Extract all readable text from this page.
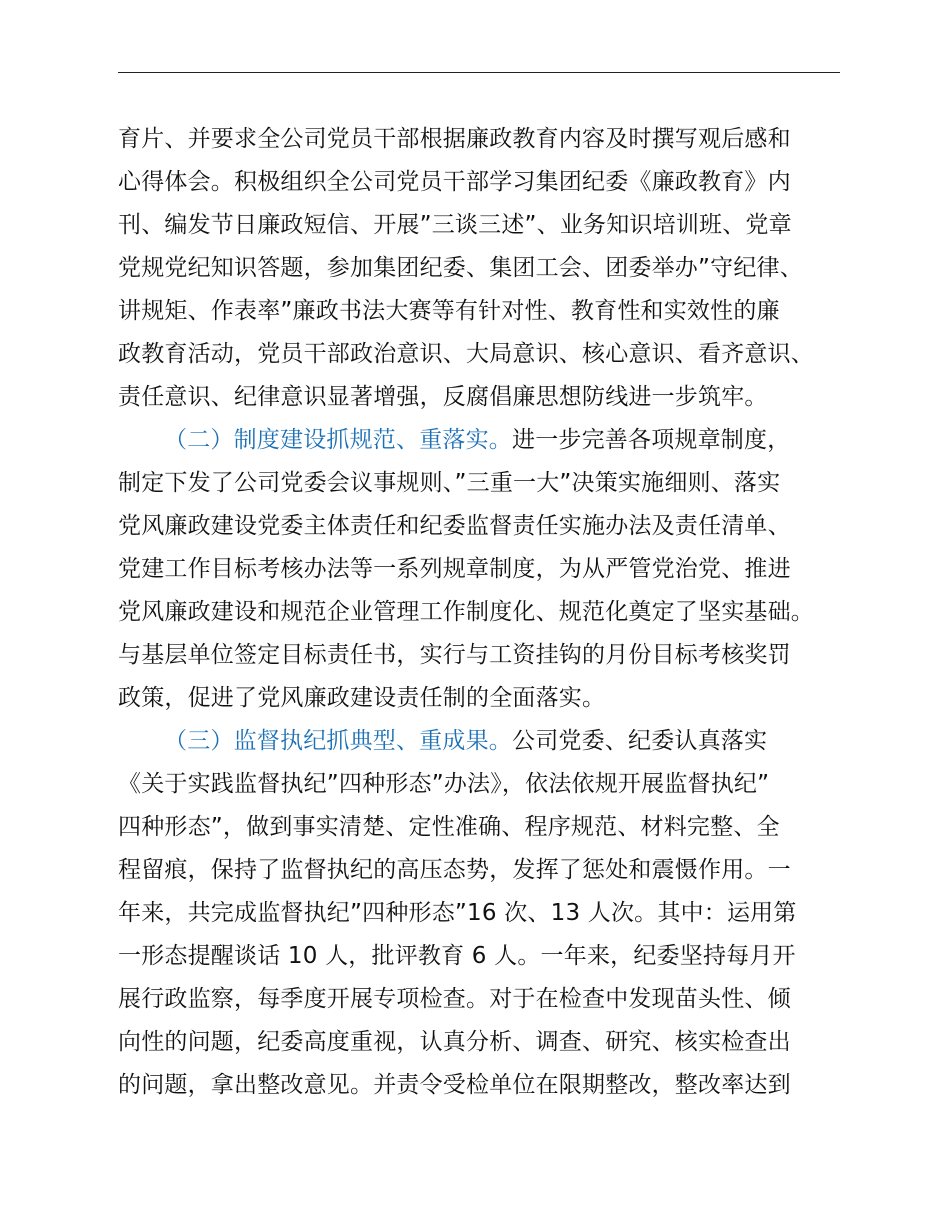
育片、并要求全公司党员干部根据廉政教育内容及时撰写观后感和
心得体会。积极组织全公司党员干部学习集团纪委《廉政教育》内
刊、编发节日廉政短信、开展”三谈三述”、业务知识培训班、党章
党规党纪知识答题，参加集团纪委、集团工会、团委举办”守纪律、
讲规矩、作表率”廉政书法大赛等有针对性、教育性和实效性的廉
政教育活动，党员干部政治意识、大局意识、核心意识、看齐意识、
责任意识、纪律意识显著增强，反腐倡廉思想防线进一步筑牢。
（二）制度建设抓规范、重落实。进一步完善各项规章制度，
制定下发了公司党委会议事规则、”三重一大”决策实施细则、落实
党风廉政建设党委主体责任和纪委监督责任实施办法及责任清单、
党建工作目标考核办法等一系列规章制度，为从严管党治党、推进
党风廉政建设和规范企业管理工作制度化、规范化奠定了坚实基础。
与基层单位签定目标责任书，实行与工资挂钩的月份目标考核奖罚
政策，促进了党风廉政建设责任制的全面落实。
（三）监督执纪抓典型、重成果。公司党委、纪委认真落实
《关于实践监督执纪”四种形态”办法》，依法依规开展监督执纪”
四种形态”，做到事实清楚、定性准确、程序规范、材料完整、全
程留痕，保持了监督执纪的高压态势，发挥了惩处和震慑作用。一
年来，共完成监督执纪”四种形态”16 次、13 人次。其中：运用第
一形态提醒谈话 10 人，批评教育 6 人。一年来，纪委坚持每月开
展行政监察，每季度开展专项检查。对于在检查中发现苗头性、倾
向性的问题，纪委高度重视，认真分析、调查、研究、核实检查出
的问题，拿出整改意见。并责令受检单位在限期整改，整改率达到
